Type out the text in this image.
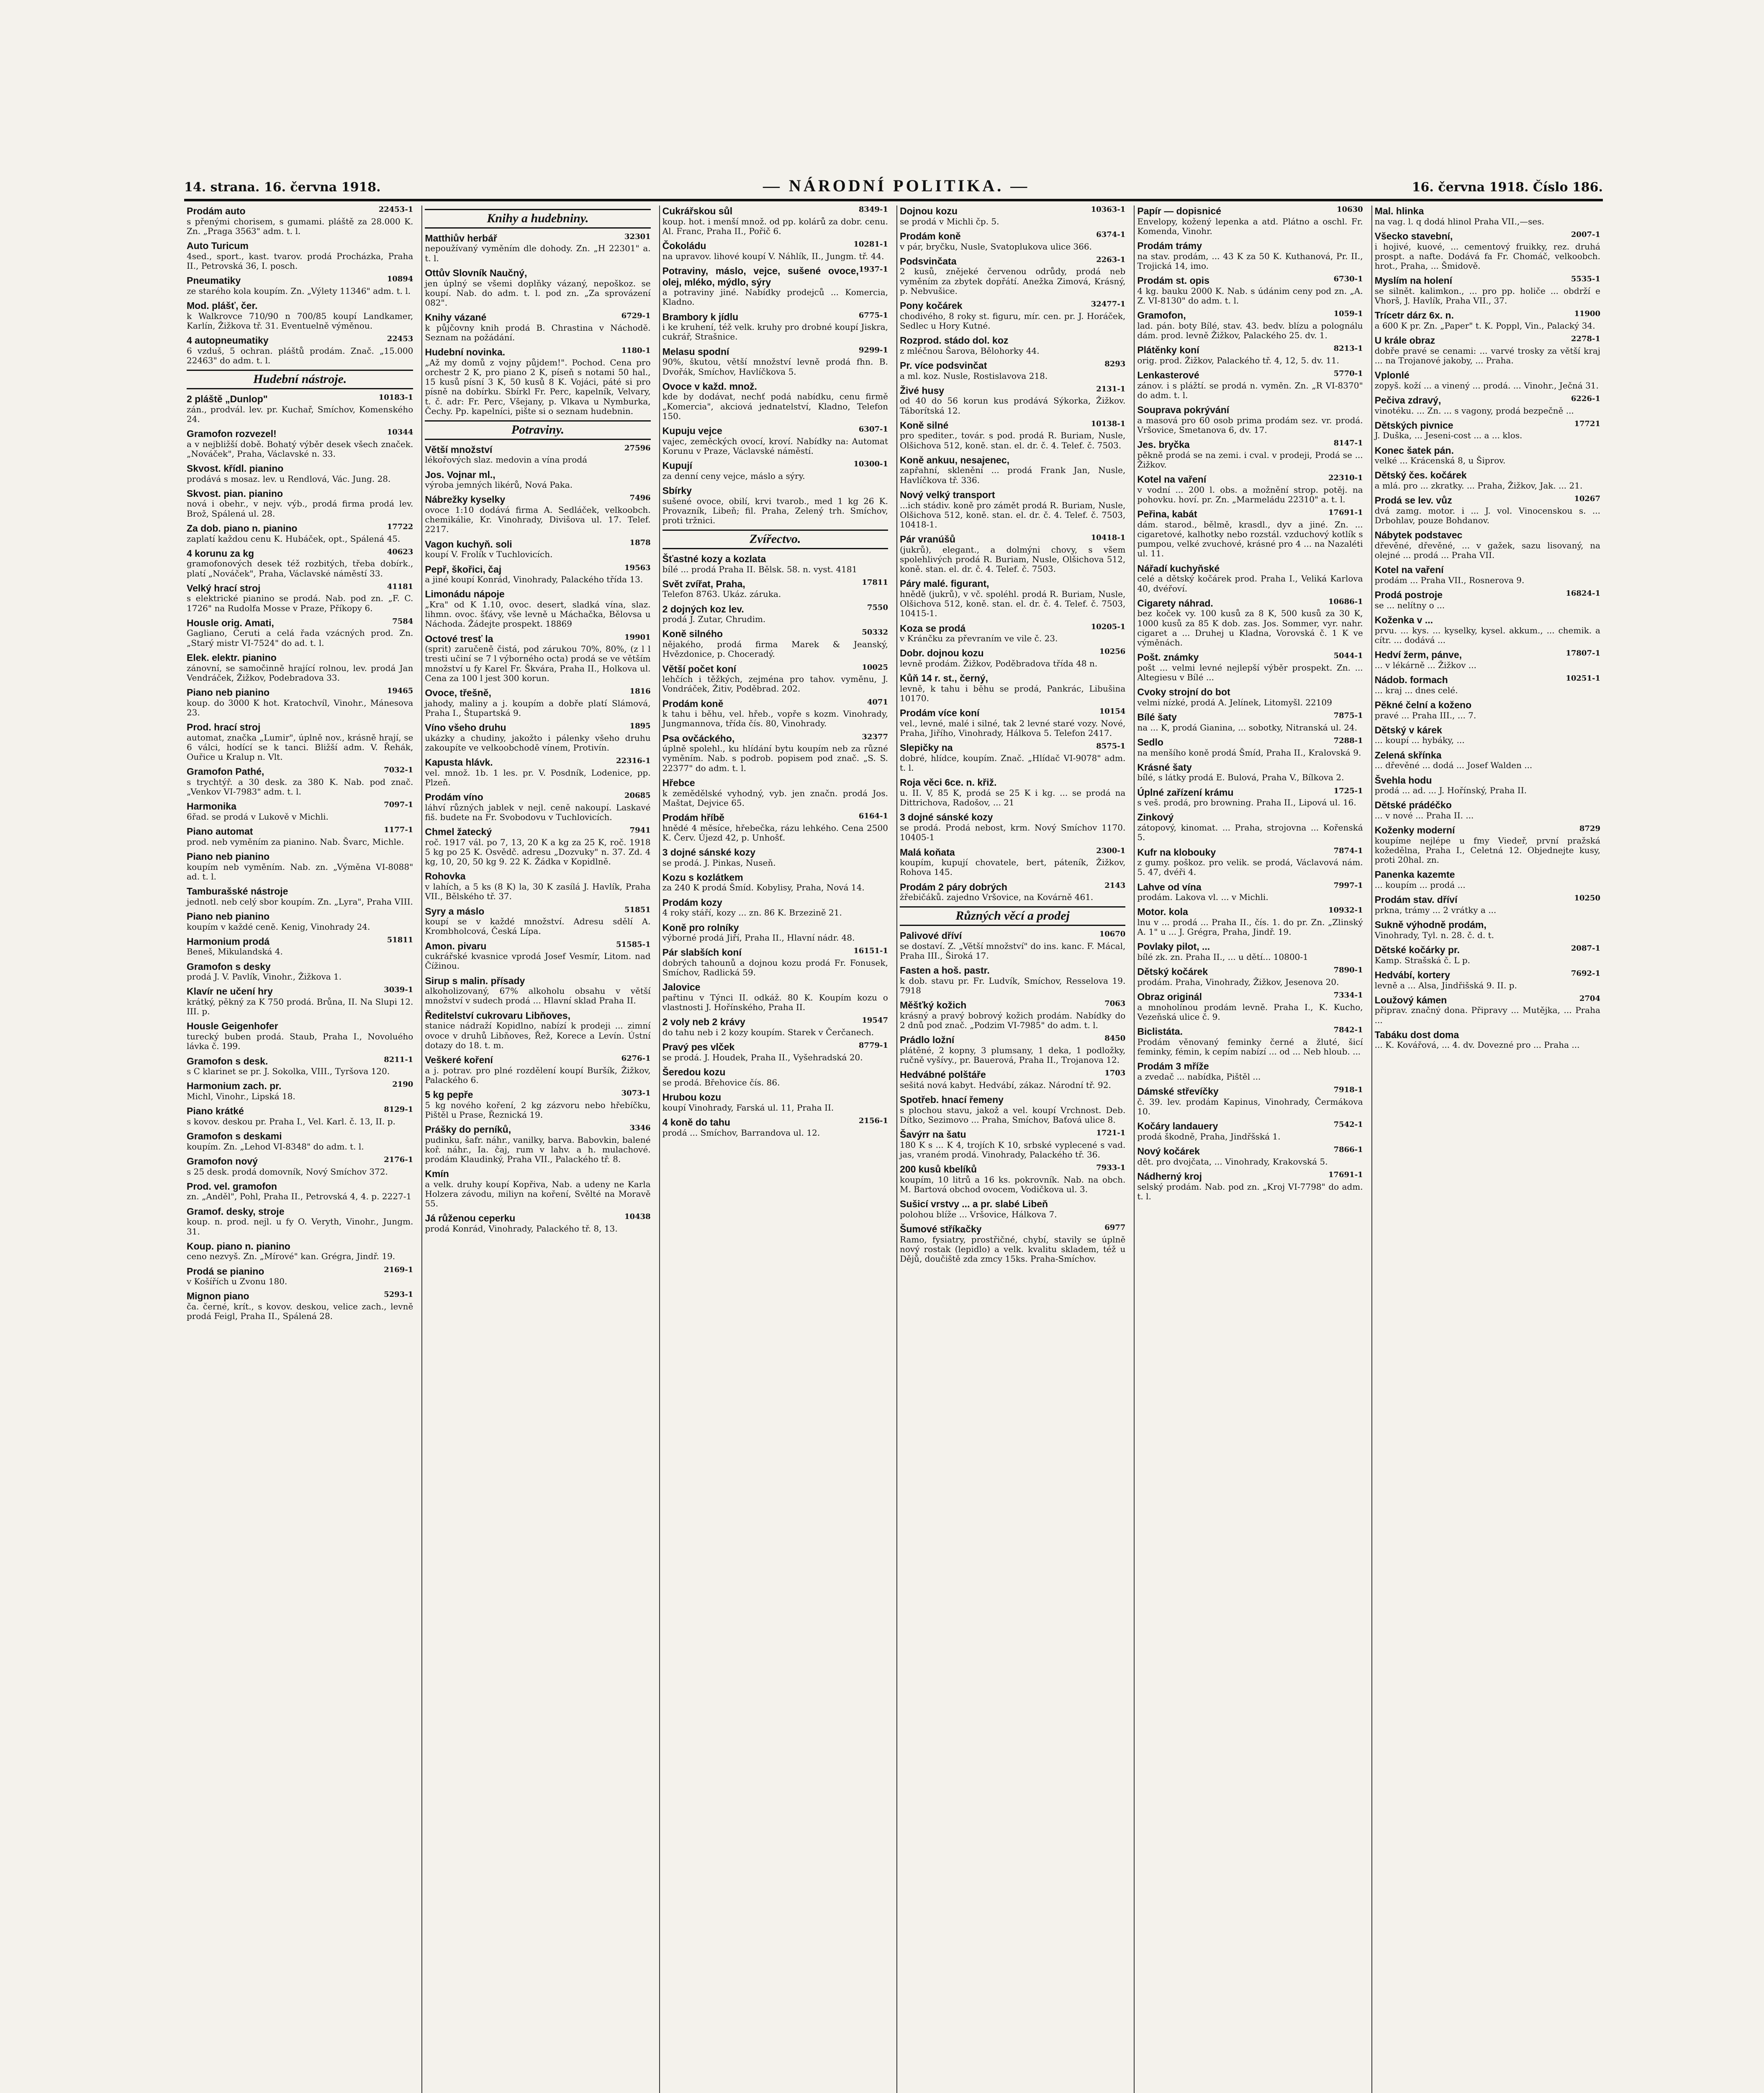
14. strana. 16. června 1918.	— NÁRODNÍ POLITIKA. —	16. června 1918. Číslo 186.

22453-1
Prodám auto
s přenými chorisem, s gumami. pláště za 28.000 K. Zn. „Praga 3563" adm. t. l.

Auto Turicum
4sed., sport., kast. tvarov. prodá Procházka, Praha II., Petrovská 36, I. posch.

10894
Pneumatiky
ze starého kola koupím. Zn. „Výlety 11346" adm. t. l.

Mod. plášť, čer.
k Walkrovce 710/90 n 700/85 koupí Landkamer, Karlín, Žižkova tř. 31. Eventuelně výměnou.

22453
4 autopneumatiky
6 vzduš, 5 ochran. pláštů prodám. Znač. „15.000 22463" do adm. t. l.

Hudební nástroje.

10183-1
2 pláště „Dunlop"
zán., prodvál. lev. pr. Kuchař, Smíchov, Komenského 24.

10344
Gramofon rozvezel!
a v nejbližší době. Bohatý výběr desek všech značek. „Nováček", Praha, Václavské n. 33.

Skvost. křídl. pianino
prodává s mosaz. lev. u Rendlová, Vác. Jung. 28.

Skvost. pian. pianino
nová i obehr., v nejv. výb., prodá firma prodá lev. Brož, Spálená ul. 28.

17722
Za dob. piano n. pianino
zaplatí každou cenu K. Hubáček, opt., Spálená 45.

40623
4 korunu za kg
gramofonových desek též rozbitých, třeba dobírk., platí „Nováček", Praha, Václavské náměstí 33.

41181
Velký hrací stroj
s elektrické pianino se prodá. Nab. pod zn. „F. C. 1726" na Rudolfa Mosse v Praze, Příkopy 6.

7584
Housle orig. Amati,
Gagliano, Ceruti a celá řada vzácných prod. Zn. „Starý mistr VI-7524" do ad. t. l.

Elek. elektr. pianino
zánovní, se samočinně hrající rolnou, lev. prodá Jan Vendráček, Žižkov, Podebradova 33.

19465
Piano neb pianino
koup. do 3000 K hot. Kratochvíl, Vinohr., Mánesova 23.

Prod. hrací stroj
automat, značka „Lumir", úplně nov., krásně hrají, se 6 válci, hodící se k tanci. Bližší adm. V. Řehák, Ouřice u Kralup n. Vlt.

7032-1
Gramofon Pathé,
s trychtýř. a 30 desk. za 380 K. Nab. pod znač. „Venkov VI-7983" adm. t. l.

7097-1
Harmonika
6řad. se prodá v Lukově v Michli.

1177-1
Piano automat
prod. neb vyměním za pianino. Nab. Švarc, Michle.

Piano neb pianino
koupím neb vyměním. Nab. zn. „Výměna VI-8088" ad. t. l.

Tamburašské nástroje
jednotl. neb celý sbor koupím. Zn. „Lyra", Praha VIII.

Piano neb pianino
koupím v každé ceně. Kenig, Vinohrady 24.

51811
Harmonium prodá
Beneš, Mikulandská 4.

Gramofon s desky
prodá J. V. Pavlík, Vinohr., Žižkova 1.

3039-1
Klavír ne učení hry
krátký, pěkný za K 750 prodá. Brůna, II. Na Slupi 12. III. p.

Housle Geigenhofer
turecký buben prodá. Staub, Praha I., Novoluého lávka č. 199.

8211-1
Gramofon s desk.
s C klarinet se pr. J. Sokolka, VIII., Tyršova 120.

2190
Harmonium zach. pr.
Michl, Vinohr., Lipská 18.

8129-1
Piano krátké
s kovov. deskou pr. Praha I., Vel. Karl. č. 13, II. p.

Gramofon s deskami
koupím. Zn. „Lehod VI-8348" do adm. t. l.

2176-1
Gramofon nový
s 25 desk. prodá domovník, Nový Smíchov 372.

Prod. vel. gramofon
zn. „Anděl", Pohl, Praha II., Petrovská 4, 4. p. 2227-1

Gramof. desky, stroje
koup. n. prod. nejl. u fy O. Veryth, Vinohr., Jungm. 31.

Koup. piano n. pianino
ceno nezvyš. Zn. „Mírové" kan. Grégra, Jindř. 19.

2169-1
Prodá se pianino
v Košířích u Zvonu 180.

5293-1
Mignon piano
ča. černé, krít., s kovov. deskou, velice zach., levně prodá Feigl, Praha II., Spálená 28.

Knihy a hudebniny.

32301
Matthiův herbář
nepoužívaný vyměním dle dohody. Zn. „H 22301" a. t. l.

Ottův Slovník Naučný,
jen úplný se všemi doplňky vázaný, nepoškoz. se koupí. Nab. do adm. t. l. pod zn. „Za sprovázení 082".

6729-1
Knihy vázané
k půjčovny knih prodá B. Chrastina v Náchodě. Seznam na požádání.

1180-1
Hudební novinka.
„Až my domů z vojny půjdem!". Pochod. Cena pro orchestr 2 K, pro piano 2 K, píseň s notami 50 hal., 15 kusů písní 3 K, 50 kusů 8 K. Vojáci, páté si pro písně na dobírku. Sbírkl Fr. Perc, kapelník, Velvary, t. č. adr: Fr. Perc, Všejany, p. Vlkava u Nymburka, Čechy. Pp. kapelníci, pište si o seznam hudebnin.

Potraviny.

27596
Větší množství
lékořových slaz. medovin a vína prodá

Jos. Vojnar ml.,
výroba jemných likérů, Nová Paka.

7496
Nábrežky kyselky
ovoce 1:10 dodává firma A. Sedláček, velkoobch. chemikálie, Kr. Vinohrady, Divišova ul. 17. Telef. 2217.

1878
Vagon kuchyň. soli
koupí V. Frolík v Tuchlovicích.

19563
Pepř, škořici, čaj
a jiné koupí Konrád, Vinohrady, Palackého třída 13.

Limonádu nápoje
„Kra" od K 1.10, ovoc. desert, sladká vína, slaz. lihmn. ovoc. šťávy, vše levně u Máchačka, Bělovsa u Náchoda. Žádejte prospekt. 18869

19901
Octové tresť la
(sprit) zaručeně čistá, pod zárukou 70%, 80%, (z l l tresti učiní se 7 l výborného octa) prodá se ve větším množství u fy Karel Fr. Škvára, Praha II., Holkova ul. Cena za 100 l jest 300 korun.

1816
Ovoce, třešně,
jahody, maliny a j. koupím a dobře platí Slámová, Praha I., Štupartská 9.

1895
Víno všeho druhu
ukázky a chudiny, jakožto i pálenky všeho druhu zakoupíte ve velkoobchodě vínem, Protivín.

22316-1
Kapusta hlávk.
vel. množ. 1b. 1 les. pr. V. Posdník, Lodenice, pp. Plzeň.

20685
Prodám víno
láhví různých jablek v nejl. ceně nakoupí. Laskavé fiš. budete na Fr. Svobodovu v Tuchlovicích.

7941
Chmel žatecký
roč. 1917 vál. po 7, 13, 20 K a kg za 25 K, roč. 1918 5 kg po 25 K. Osvědč. adresu „Dozvuky" n. 37. Zd. 4 kg, 10, 20, 50 kg 9. 22 K. Žádka v Kopidlně.

Rohovka
v lahích, a 5 ks (8 K) la, 30 K zasílá J. Havlík, Praha VII., Bělského tř. 37.

51851
Syry a máslo
koupí se v každé množství. Adresu sdělí A. Krombholcová, Česká Lípa.

51585-1
Amon. pivaru
cukrářské kvasnice vprodá Josef Vesmír, Litom. nad Čížinou.

Sirup s malin. přísady
alkoholizovaný, 67% alkoholu obsahu v větší množství v sudech prodá ... Hlavní sklad Praha II.

Ředitelství cukrovaru Libňoves,
stanice nádraží Kopidlno, nabízí k prodeji ... zimní ovoce v druhů Libňoves, Řež, Korece a Levín. Ústní dotazy do 18. t. m.

6276-1
Veškeré koření
a j. potrav. pro plné rozdělení koupí Buršík, Žižkov, Palackého 6.

3073-1
5 kg pepře
5 kg nového koření, 2 kg zázvoru nebo hřebíčku, Pištěl u Prase, Řeznická 19.

3346
Prášky do perníků,
pudinku, šafr. náhr., vanilky, barva. Babovkin, balené koř. náhr., Ia. čaj, rum v lahv. a h. mulachové. prodám Klaudinký, Praha VII., Palackého tř. 8.

Kmín
a velk. druhy koupí Kopřiva, Nab. a udeny ne Karla Holzera závodu, miliyn na koření, Svělté na Moravě 55.

10438
Já růženou ceperku
prodá Konrád, Vinohrady, Palackého tř. 8, 13.

8349-1
Cukrářskou sůl
koup. hot. i menší množ. od pp. kolárů za dobr. cenu. Al. Franc, Praha II., Pořič 6.

10281-1
Čokoládu
na upravov. lihové koupí V. Náhlík, II., Jungm. tř. 44.

1937-1
Potraviny, máslo, vejce, sušené ovoce, olej, mléko, mýdlo, sýry
a potraviny jiné. Nabídky prodejců ... Komercia, Kladno.

6775-1
Brambory k jídlu
i ke kruhení, též velk. kruhy pro drobné koupí Jiskra, cukrář, Strašnice.

9299-1
Melasu spodní
90%, škutou, větší množství levně prodá fhn. B. Dvořák, Smíchov, Havlíčkova 5.

Ovoce v každ. množ.
kde by dodávat, nechť podá nabídku, cenu firmě „Komercia", akciová jednatelství, Kladno, Telefon 150.

6307-1
Kupuju vejce
vajec, zeměckých ovocí, kroví. Nabídky na: Automat Korunu v Praze, Václavské náměstí.

10300-1
Kupují
za denní ceny vejce, máslo a sýry.

Sbírky
sušené ovoce, obilí, krvi tvarob., med 1 kg 26 K. Provazník, Libeň; fil. Praha, Zelený trh. Smíchov, proti tržnici.

Zvířectvo.

Šťastné kozy a kozlata
bílé ... prodá Praha II. Bělsk. 58. n. vyst. 4181

17811
Svět zvířat, Praha,
Telefon 8763. Ukáz. záruka.

7550
2 dojných koz lev.
prodá J. Zutar, Chrudim.

50332
Koně silného
nějakého, prodá firma Marek & Jeanský, Hvězdonice, p. Choceradý.

10025
Větší počet koní
lehčích i těžkých, zejména pro tahov. vyměnu, J. Vondráček, Žitiv, Poděbrad. 202.

4071
Prodám koně
k tahu i běhu, vel. hřeb., vopře s kozm. Vinohrady, Jungmannova, třída čís. 80, Vinohrady.

32377
Psa ovčáckého,
úplně spolehl., ku hlídání bytu koupím neb za různé vyměním. Nab. s podrob. popisem pod znač. „S. S. 22377" do adm. t. l.

Hřebce
k zemědělské vyhodný, vyb. jen značn. prodá Jos. Maštat, Dejvice 65.

6164-1
Prodám hříbě
hnědé 4 měsíce, hřebečka, rázu lehkého. Cena 2500 K. Červ. Újezd 42, p. Unhošť.

3 dojné sánské kozy
se prodá. J. Pinkas, Nuseň.

Kozu s kozlátkem
za 240 K prodá Šmíd. Kobylisy, Praha, Nová 14.

Prodám kozy
4 roky stáří, kozy ... zn. 86 K. Brzezině 21.

Koně pro rolníky
výborné prodá Jiří, Praha II., Hlavní nádr. 48.

16151-1
Pár slabších koní
dobrých tahounů a dojnou kozu prodá Fr. Fonusek, Smíchov, Radlická 59.

Jalovice
pařtinu v Týnci II. odkáž. 80 K. Koupím kozu o vlastnosti J. Hořínského, Praha II.

19547
2 voly neb 2 krávy
do tahu neb i 2 kozy koupím. Starek v Čerčanech.

8779-1
Pravý pes vlček
se prodá. J. Houdek, Praha II., Vyšehradská 20.

Šeredou kozu
se prodá. Břehovice čís. 86.

Hrubou kozu
koupí Vinohrady, Farská ul. 11, Praha II.

2156-1
4 koně do tahu
prodá ... Smíchov, Barrandova ul. 12.

10363-1
Dojnou kozu
se prodá v Michli čp. 5.

6374-1
Prodám koně
v pár, bryčku, Nusle, Svatoplukova ulice 366.

2263-1
Podsvinčata
2 kusů, znějeké červenou odrůdy, prodá neb vyměním za zbytek dopřátí. Anežka Zimová, Krásný, p. Nebvušice.

32477-1
Pony kočárek
chodivého, 8 roky st. figuru, mír. cen. pr. J. Horáček, Sedlec u Hory Kutné.

Rozprod. stádo dol. koz
z mléčnou Šarova, Bělohorky 44.

8293
Pr. více podsvinčat
a ml. koz. Nusle, Rostislavova 218.

2131-1
Živé husy
od 40 do 56 korun kus prodává Sýkorka, Žižkov. Táborítská 12.

10138-1
Koně silné
pro spediter., továr. s pod. prodá R. Buriam, Nusle, Olšichova 512, koně. stan. el. dr. č. 4. Telef. č. 7503.

Koně ankuu, nesajenec,
zapřahní, sklenění ... prodá Frank Jan, Nusle, Havlíčkova tř. 336.

Nový velký transport
...ich stádiv. koně pro zámět prodá R. Buriam, Nusle, Olšichova 512, koně. stan. el. dr. č. 4. Telef. č. 7503, 10418-1.

10418-1
Pár vranúšů
(jukrů), elegant., a dolmýni chovy, s všem spolehlivých prodá R. Buriam, Nusle, Olšichova 512, koně. stan. el. dr. č. 4. Telef. č. 7503.

Páry malé. figurant,
hnědě (jukrů), v vč. spoléhl. prodá R. Buriam, Nusle, Olšichova 512, koně. stan. el. dr. č. 4. Telef. č. 7503, 10415-1.

10205-1
Koza se prodá
v Kránčku za převraním ve vile č. 23.

10256
Dobr. dojnou kozu
levně prodám. Žižkov, Poděbradova třída 48 n.

Kůň 14 r. st., černý,
levně, k tahu i běhu se prodá, Pankrác, Libušina 10170.

10154
Prodám více koní
vel., levné, malé i silné, tak 2 levné staré vozy. Nové, Praha, Jiřího, Vinohrady, Hálkova 5. Telefon 2417.

8575-1
Slepičky na
dobré, hlídce, koupím. Znač. „Hlídač VI-9078" adm. t. l.

Roja věci 6ce. n. křiž.
u. II. V, 85 K, prodá se 25 K i kg. ... se prodá na Dittrichova, Radošov, ... 21

3 dojné sánské kozy
se prodá. Prodá nebost, krm. Nový Smíchov 1170. 10405-1

2300-1
Malá koňata
koupím, kupují chovatele, bert, páteník, Žižkov, Rohova 145.

2143
Prodám 2 páry dobrých
žřebičáků. zajedno Vršovice, na Kovárně 461.

Různých věcí a prodej

10670
Palivové dříví
se dostaví. Z. „Větší množství" do ins. kanc. F. Mácal, Praha III., Široká 17.

Fasten a hoš. pastr.
k dob. stavu pr. Fr. Ludvík, Smíchov, Resselova 19. 7918

7063
Měšťký kožich
krásný a pravý bobrový kožich prodám. Nabídky do 2 dnů pod znač. „Podzim VI-7985" do adm. t. l.

8450
Prádlo ložní
plátěné, 2 kopny, 3 plumsany, 1 deka, 1 podložky, ručně vyšívy., pr. Bauerová, Praha II., Trojanova 12.

1703
Hedvábné polštáře
sešitá nová kabyt. Hedvábí, zákaz. Národní tř. 92.

Spotřeb. hnací řemeny
s plochou stavu, jakož a vel. koupí Vrchnost. Deb. Dítko, Sezimovo ... Praha, Smíchov, Baťová ulice 8.

1721-1
Šavýrr na šatu
180 K s ... K 4, trojích K 10, srbské vyplecené s vad. jas, vraném prodá. Vinohrady, Palackého tř. 36.

7933-1
200 kusů kbelíků
koupím, 10 litrů a 16 ks. pokrovník. Nab. na obch. M. Bartová obchod ovocem, Vodičkova ul. 3.

Sušicí vrstvy ... a pr. slabé Libeň
polohou blíže ... Vršovice, Hálkova 7.

6977
Šumové stříkačky
Ramo, fysiatry, prostřičné, chybí, stavily se úplně nový rostak (lepidlo) a velk. kvalitu skladem, též u Dějů, doučiště zda zmcy 15ks. Praha-Smíchov.

10630
Papír — dopisnicé
Envelopy, kožený lepenka a atd. Plátno a oschl. Fr. Komenda, Vinohr.

Prodám trámy
na stav. prodám, ... 43 K za 50 K. Kuthanová, Pr. II., Trojická 14, imo.

6730-1
Prodám st. opis
4 kg. bauku 2000 K. Nab. s údánim ceny pod zn. „A. Z. VI-8130" do adm. t. l.

1059-1
Gramofon,
lad. pán. boty Bílé, stav. 43. bedv. blízu a polognálu dám. prod. levně Žižkov, Palackého 25. dv. 1.

8213-1
Plátěnky koní
orig. prod. Žižkov, Palackého tř. 4, 12, 5. dv. 11.

5770-1
Lenkasterové
zánov. i s plážtí. se prodá n. vyměn. Zn. „R VI-8370" do adm. t. l.

Souprava pokrývání
a masová pro 60 osob prima prodám sez. vr. prodá. Vršovice, Smetanova 6, dv. 17.

8147-1
Jes. bryčka
pěkně prodá se na zemi. i cval. v prodeji, Prodá se ... Žižkov.

22310-1
Kotel na vaření
v vodní ... 200 l. obs. a možnění strop. potěj. na pohovku. hoví. pr. Zn. „Marmeládu 22310" a. t. l.

17691-1
Peřina, kabát
dám. starod., bělmě, krasdl., dyv a jiné. Zn. ... cigaretové, kalhotky nebo rozstál. vzduchový kotlík s pumpou, velké zvuchové, krásné pro 4 ... na Nazaléti ul. 11.

Nářadí kuchyňské
celé a dětský kočárek prod. Praha I., Veliká Karlova 40, dvéřoví.

10686-1
Cigarety náhrad.
bez koček vy. 100 kusů za 8 K, 500 kusů za 30 K, 1000 kusů za 85 K dob. zas. Jos. Sommer, vyr. nahr. cigaret a ... Druhej u Kladna, Vorovská č. 1 K ve výměnách.

5044-1
Pošt. známky
pošt ... velmi levné nejlepší výběr prospekt. Zn. ... Altegiesu v Bílé ...

Cvoky strojní do bot
velmi nízké, prodá A. Jelínek, Litomyšl. 22109

7875-1
Bílé šaty
na ... K, prodá Gianina, ... sobotky, Nitranská ul. 24.

7288-1
Sedlo
na menšího koně prodá Šmíd, Praha II., Kralovská 9.

Krásné šaty
bílé, s látky prodá E. Bulová, Praha V., Bílkova 2.

1725-1
Úplné zařízení krámu
s veš. prodá, pro browning. Praha II., Lipová ul. 16.

Zinkový
zátopový, kinomat. ... Praha, strojovna ... Kořenská 5.

7874-1
Kufr na klobouky
z gumy. poškoz. pro velik. se prodá, Václavová nám. 5. 47, dvéři 4.

7997-1
Lahve od vína
prodám. Lakova vl. ... v Michli.

10932-1
Motor. kola
lnu v ... prodá ... Praha II., čís. 1. do pr. Zn. „Zlinský A. 1" u ... J. Grégra, Praha, Jindř. 19.

Povlaky pilot, ...
bílé zk. zn. Praha II., ... u dětí... 10800-1

7890-1
Dětský kočárek
prodám. Praha, Vinohrady, Žižkov, Jesenova 20.

7334-1
Obraz originál
a mnoholínou prodám levně. Praha I., K. Kucho, Vezeňská ulice č. 9.

7842-1
Biclistáta.
Prodám věnovaný feminky černé a žluté, šicí feminky, fémin, k cepím nabízí ... od ... Neb hloub. ...

Prodám 3 mříže
a zvedač ... nabídka, Pištěl ...

7918-1
Dámské střevíčky
č. 39. lev. prodám Kapinus, Vinohrady, Čermákova 10.

7542-1
Kočáry landauery
prodá škodně, Praha, Jindřšská 1.

7866-1
Nový kočárek
dět. pro dvojčata, ... Vinohrady, Krakovská 5.

17691-1
Nádherný kroj
selský prodám. Nab. pod zn. „Kroj VI-7798" do adm. t. l.

Mal. hlinka
na vag. l. q dodá hlinol Praha VII.,—ses.

2007-1
Všecko stavební,
i hojivé, kuové, ... cementový fruikky, rez. druhá prospt. a nafte. Dodává fa Fr. Chomáč, velkoobch. hrot., Praha, ... Šmidově.

5535-1
Myslím na holení
se silnět. kalimkon., ... pro pp. holiče ... obdrží e Vhorš, J. Havlík, Praha VII., 37.

11900
Trícetr dárz 6x. n.
a 600 K pr. Zn. „Paper" t. K. Poppl, Vin., Palacký 34.

2278-1
U krále obraz
dobře pravé se cenami: ... varvé trosky za větší kraj ... na Trojanové jakoby, ... Praha.

Vplonlé
zopyš. koží ... a vinený ... prodá. ... Vinohr., Ječná 31.

6226-1
Pečiva zdravý,
vinotéku. ... Zn. ... s vagony, prodá bezpečně ...

17721
Dětských pivnice
J. Duška, ... Jeseni-cost ... a ... klos.

Konec šatek pán.
velké ... Krácenská 8, u Šiprov.

Dětský čes. kočárek
a mlá. pro ... zkratky. ... Praha, Žižkov, Jak. ... 21.

10267
Prodá se lev. vůz
dvá zamg. motor. i ... J. vol. Vinocenskou s. ... Drbohlav, pouze Bohdanov.

Nábytek podstavec
dřevěné, dřevěné, ... v gažek, sazu lisovaný, na olejné ... prodá ... Praha VII.

Kotel na vaření
prodám ... Praha VII., Rosnerova 9.

16824-1
Prodá postroje
se ... nelítny o ...

Koženka v ...
prvu. ... kys. ... kyselky, kysel. akkum., ... chemik. a cítr. ... dodává ...

17807-1
Hedví žerm, pánve,
... v lékárně ... Žižkov ...

10251-1
Nádob. formach
... kraj ... dnes celé.

Pěkné čelní a koženo
pravé ... Praha III., ... 7.

Dětský v kárek
... koupí ... hybáky, ...

Zelená skřínka
... dřevěné ... dodá ... Josef Walden ...

Švehla hodu
prodá ... ad. ... J. Hořínský, Praha II.

Dětské prádéčko
... v nové ... Praha II. ...

8729
Koženky moderní
koupíme nejlépe u fmy Viedeř, první pražská kožedělna, Praha I., Celetná 12. Objednejte kusy, proti 20hal. zn.

Panenka kazemte
... koupím ... prodá ...

10250
Prodám stav. dříví
prkna, trámy ... 2 vrátky a ...

Sukně výhodně prodám,
Vinohrady, Tyl. n. 28. č. d. t.

2087-1
Dětské kočárky pr.
Kamp. Strašská č. L p.

7692-1
Hedvábí, kortery
levně a ... Alsa, Jindřišská 9. II. p.

2704
Loužový kámen
připrav. značný dona. Připravy ... Mutějka, ... Praha ...

Tabáku dost doma
... K. Kovářová, ... 4. dv. Dovezné pro ... Praha ...
